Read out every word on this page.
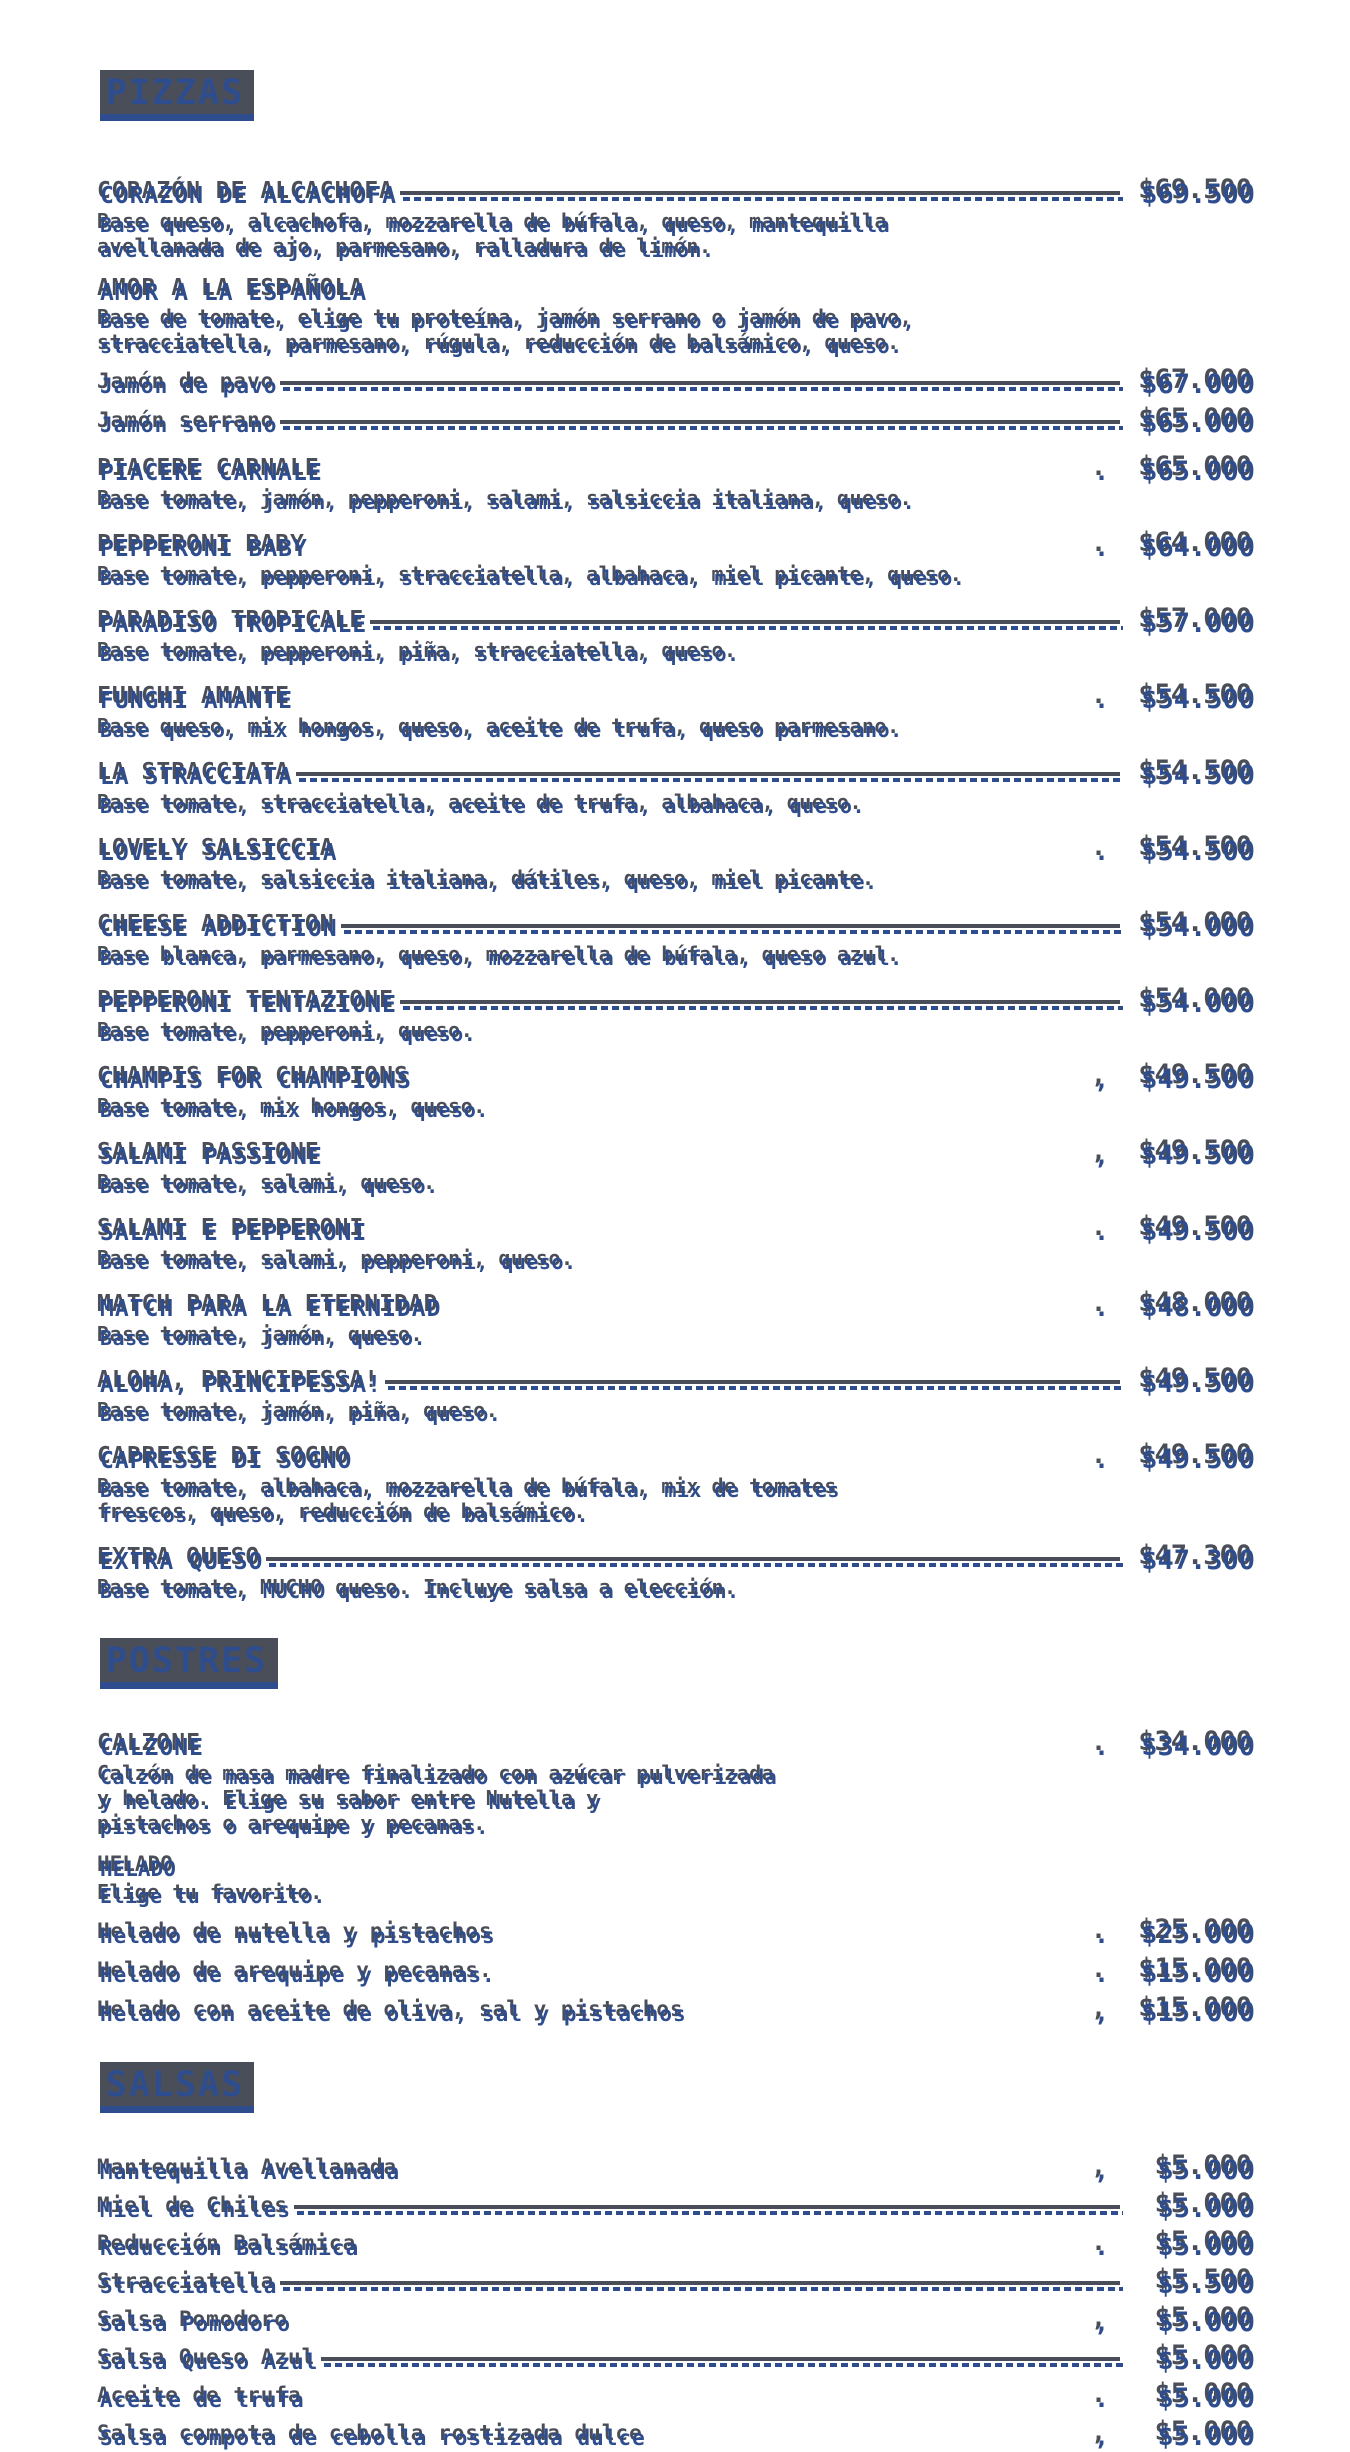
PIZZAS
CORAZÓN DE ALCACHOFA	$69.500
Base queso, alcachofa, mozzarella de búfala, queso, mantequilla
avellanada de ajo, parmesano, ralladura de limón.
AMOR A LA ESPAÑOLA
Base de tomate, elige tu proteína, jamón serrano o jamón de pavo,
stracciatella, parmesano, rúgula, reducción de balsámico, queso.
Jamón de pavo	$67.000
Jamón serrano	$65.000
PIACERE CARNALE	. $65.000
Base tomate, jamón, pepperoni, salami, salsiccia italiana, queso.
PEPPERONI BABY	. $64.000
Base tomate, pepperoni, stracciatella, albahaca, miel picante, queso.
PARADISO TROPICALE	$57.000
Base tomate, pepperoni, piña, stracciatella, queso.
FUNGHI AMANTE	. $54.500
Base queso, mix hongos, queso, aceite de trufa, queso parmesano.
LA STRACCIATA	$54.500
Base tomate, stracciatella, aceite de trufa, albahaca, queso.
LOVELY SALSICCIA	. $54.500
Base tomate, salsiccia italiana, dátiles, queso, miel picante.
CHEESE ADDICTION	$54.000
Base blanca, parmesano, queso, mozzarella de búfala, queso azul.
PEPPERONI TENTAZIONE	$54.000
Base tomate, pepperoni, queso.
CHAMPIS FOR CHAMPIONS	, $49.500
Base tomate, mix hongos, queso.
SALAMI PASSIONE	, $49.500
Base tomate, salami, queso.
SALAMI E PEPPERONI	. $49.500
Base tomate, salami, pepperoni, queso.
MATCH PARA LA ETERNIDAD	. $48.000
Base tomate, jamón, queso.
ALOHA, PRINCIPESSA!	$49.500
Base tomate, jamón, piña, queso.
CAPRESSE DI SOGNO	. $49.500
Base tomate, albahaca, mozzarella de búfala, mix de tomates
frescos, queso, reducción de balsámico.
EXTRA QUESO	$47.300
Base tomate, MUCHO queso. Incluye salsa a elección.
POSTRES
CALZONE	. $34.000
Calzón de masa madre finalizado con azúcar pulverizada
y helado. Elige su sabor entre Nutella y
pistachos o arequipe y pecanas.
HELADO
Elige tu favorito.
Helado de nutella y pistachos	. $25.000
Helado de arequipe y pecanas.	. $15.000
Helado con aceite de oliva, sal y pistachos	, $15.000
SALSAS
Mantequilla Avellanada	,	$5.000
Miel de Chiles	$5.000
Reducción Balsámica	.	$5.000
Stracciatella	$5.500
Salsa Pomodoro	,	$5.000
Salsa Queso Azul	$5.000
Aceite de trufa	.	$5.000
Salsa compota de cebolla rostizada dulce	,	$5.000
